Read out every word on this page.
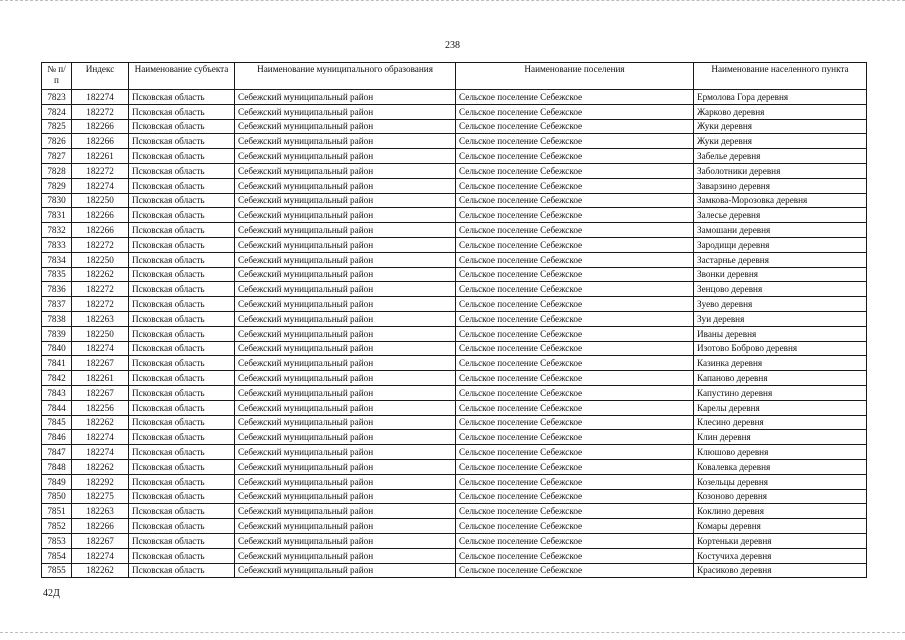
238
№ п/п	Индекс	Наименование субъекта	Наименование муниципального образования	Наименование поселения	Наименование населенного пункта
7823	182274	Псковская область	Себежский муниципальный район	Сельское поселение Себежское	Ермолова Гора деревня
7824	182272	Псковская область	Себежский муниципальный район	Сельское поселение Себежское	Жарково деревня
7825	182266	Псковская область	Себежский муниципальный район	Сельское поселение Себежское	Жуки деревня
7826	182266	Псковская область	Себежский муниципальный район	Сельское поселение Себежское	Жуки деревня
7827	182261	Псковская область	Себежский муниципальный район	Сельское поселение Себежское	Забелье деревня
7828	182272	Псковская область	Себежский муниципальный район	Сельское поселение Себежское	Заболотники деревня
7829	182274	Псковская область	Себежский муниципальный район	Сельское поселение Себежское	Заварзино деревня
7830	182250	Псковская область	Себежский муниципальный район	Сельское поселение Себежское	Замкова-Морозовка деревня
7831	182266	Псковская область	Себежский муниципальный район	Сельское поселение Себежское	Залесье деревня
7832	182266	Псковская область	Себежский муниципальный район	Сельское поселение Себежское	Замошани деревня
7833	182272	Псковская область	Себежский муниципальный район	Сельское поселение Себежское	Зародищи деревня
7834	182250	Псковская область	Себежский муниципальный район	Сельское поселение Себежское	Застарнье деревня
7835	182262	Псковская область	Себежский муниципальный район	Сельское поселение Себежское	Звонки деревня
7836	182272	Псковская область	Себежский муниципальный район	Сельское поселение Себежское	Зенцово деревня
7837	182272	Псковская область	Себежский муниципальный район	Сельское поселение Себежское	Зуево деревня
7838	182263	Псковская область	Себежский муниципальный район	Сельское поселение Себежское	Зуи деревня
7839	182250	Псковская область	Себежский муниципальный район	Сельское поселение Себежское	Иваны деревня
7840	182274	Псковская область	Себежский муниципальный район	Сельское поселение Себежское	Изотово Боброво деревня
7841	182267	Псковская область	Себежский муниципальный район	Сельское поселение Себежское	Казинка деревня
7842	182261	Псковская область	Себежский муниципальный район	Сельское поселение Себежское	Капаново деревня
7843	182267	Псковская область	Себежский муниципальный район	Сельское поселение Себежское	Капустино деревня
7844	182256	Псковская область	Себежский муниципальный район	Сельское поселение Себежское	Карелы деревня
7845	182262	Псковская область	Себежский муниципальный район	Сельское поселение Себежское	Клесино деревня
7846	182274	Псковская область	Себежский муниципальный район	Сельское поселение Себежское	Клин деревня
7847	182274	Псковская область	Себежский муниципальный район	Сельское поселение Себежское	Клюшово деревня
7848	182262	Псковская область	Себежский муниципальный район	Сельское поселение Себежское	Ковалевка деревня
7849	182292	Псковская область	Себежский муниципальный район	Сельское поселение Себежское	Козельцы деревня
7850	182275	Псковская область	Себежский муниципальный район	Сельское поселение Себежское	Козоново деревня
7851	182263	Псковская область	Себежский муниципальный район	Сельское поселение Себежское	Коклино деревня
7852	182266	Псковская область	Себежский муниципальный район	Сельское поселение Себежское	Комары деревня
7853	182267	Псковская область	Себежский муниципальный район	Сельское поселение Себежское	Кортеньки деревня
7854	182274	Псковская область	Себежский муниципальный район	Сельское поселение Себежское	Костучиха деревня
7855	182262	Псковская область	Себежский муниципальный район	Сельское поселение Себежское	Красиково деревня
42Д
